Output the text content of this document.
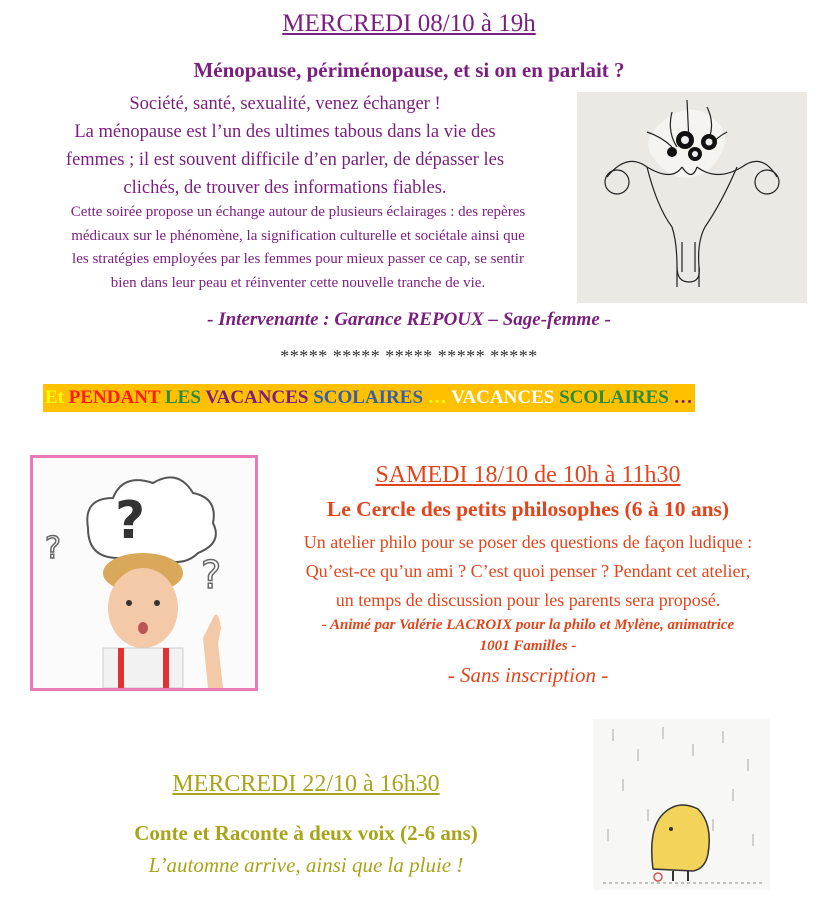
MERCREDI 08/10 à 19h
Ménopause, périménopause, et si on en parlait ?
Société, santé, sexualité, venez échanger !
La ménopause est l’un des ultimes tabous dans la vie des
femmes ; il est souvent difficile d’en parler, de dépasser les
clichés, de trouver des informations fiables.
Cette soirée propose un échange autour de plusieurs éclairages : des repères
médicaux sur le phénomène, la signification culturelle et sociétale ainsi que
les stratégies employées par les femmes pour mieux passer ce cap, se sentir
bien dans leur peau et réinventer cette nouvelle tranche de vie.
- Intervenante : Garance REPOUX – Sage-femme -
***** ***** ***** ***** *****
Et PENDANT LES VACANCES SCOLAIRES … VACANCES SCOLAIRES …
?
?
?
SAMEDI 18/10 de 10h à 11h30
Le Cercle des petits philosophes (6 à 10 ans)
Un atelier philo pour se poser des questions de façon ludique :
Qu’est-ce qu’un ami ? C’est quoi penser ? Pendant cet atelier,
un temps de discussion pour les parents sera proposé.
- Animé par Valérie LACROIX pour la philo et Mylène, animatrice
1001 Familles -
- Sans inscription -
MERCREDI 22/10 à 16h30
Conte et Raconte à deux voix (2-6 ans)
L’automne arrive, ainsi que la pluie !
